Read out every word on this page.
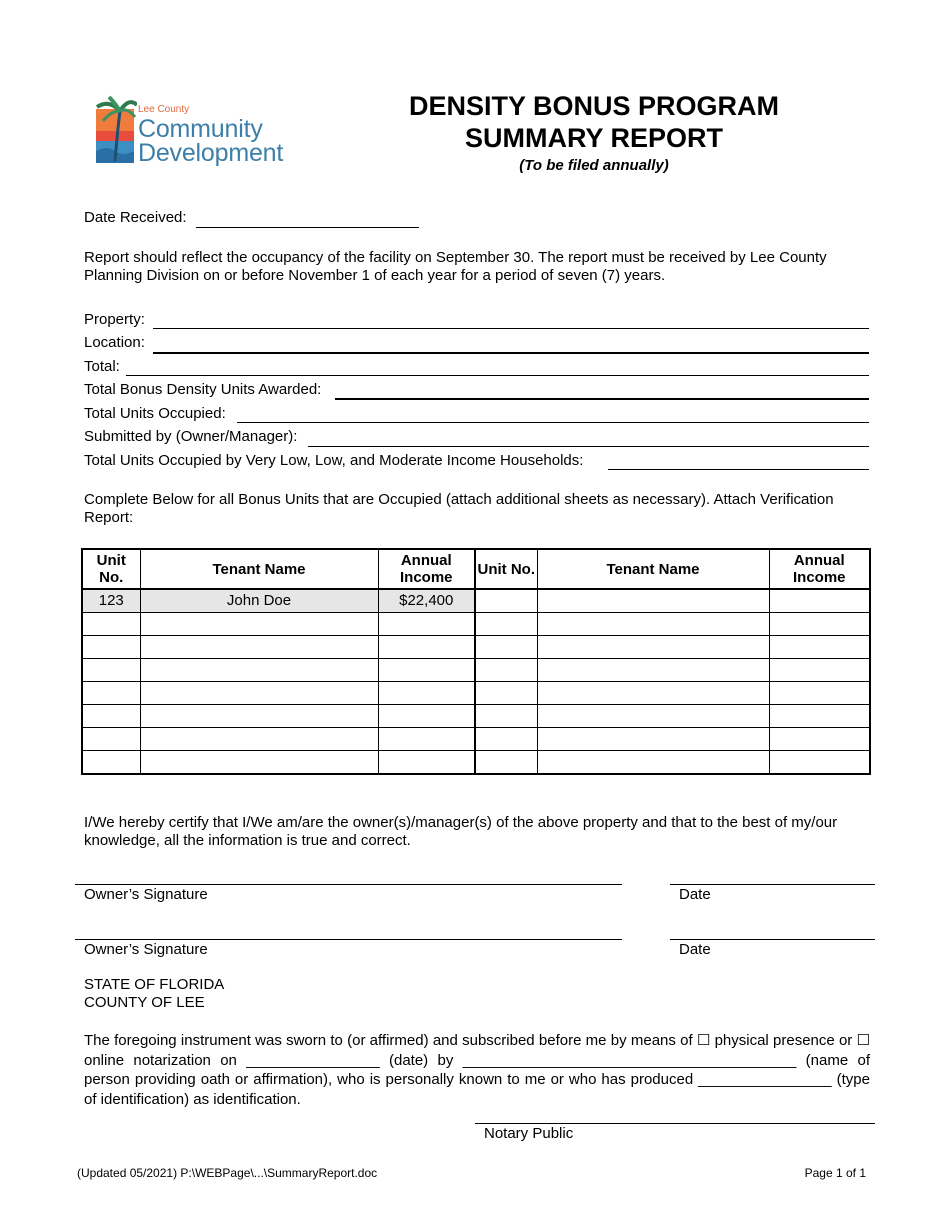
Lee County
Community
Development
DENSITY BONUS PROGRAM
SUMMARY REPORT
(To be filed annually)
Date Received:
Report should reflect the occupancy of the facility on September 30. The report must be received by Lee County Planning Division on or before November 1 of each year for a period of seven (7) years.
Property:
Location:
Total:
Total Bonus Density Units Awarded:
Total Units Occupied:
Submitted by (Owner/Manager):
Total Units Occupied by Very Low, Low, and Moderate Income Households:
Complete Below for all Bonus Units that are Occupied (attach additional sheets as necessary). Attach Verification Report:
Unit No.	Tenant Name	Annual Income	Unit No.	Tenant Name	Annual Income
123	John Doe	$22,400			

I/We hereby certify that I/We am/are the owner(s)/manager(s) of the above property and that to the best of my/our knowledge, all the information is true and correct.
Owner’s Signature	Date
Owner’s Signature	Date
STATE OF FLORIDA
COUNTY OF LEE
The foregoing instrument was sworn to (or affirmed) and subscribed before me by means of ☐ physical presence or ☐ online notarization on ________________ (date) by ________________________________________ (name of person providing oath or affirmation), who is personally known to me or who has produced ________________ (type of identification) as identification.
Notary Public
(Updated 05/2021) P:\WEBPage\...\SummaryReport.doc	Page 1 of 1
